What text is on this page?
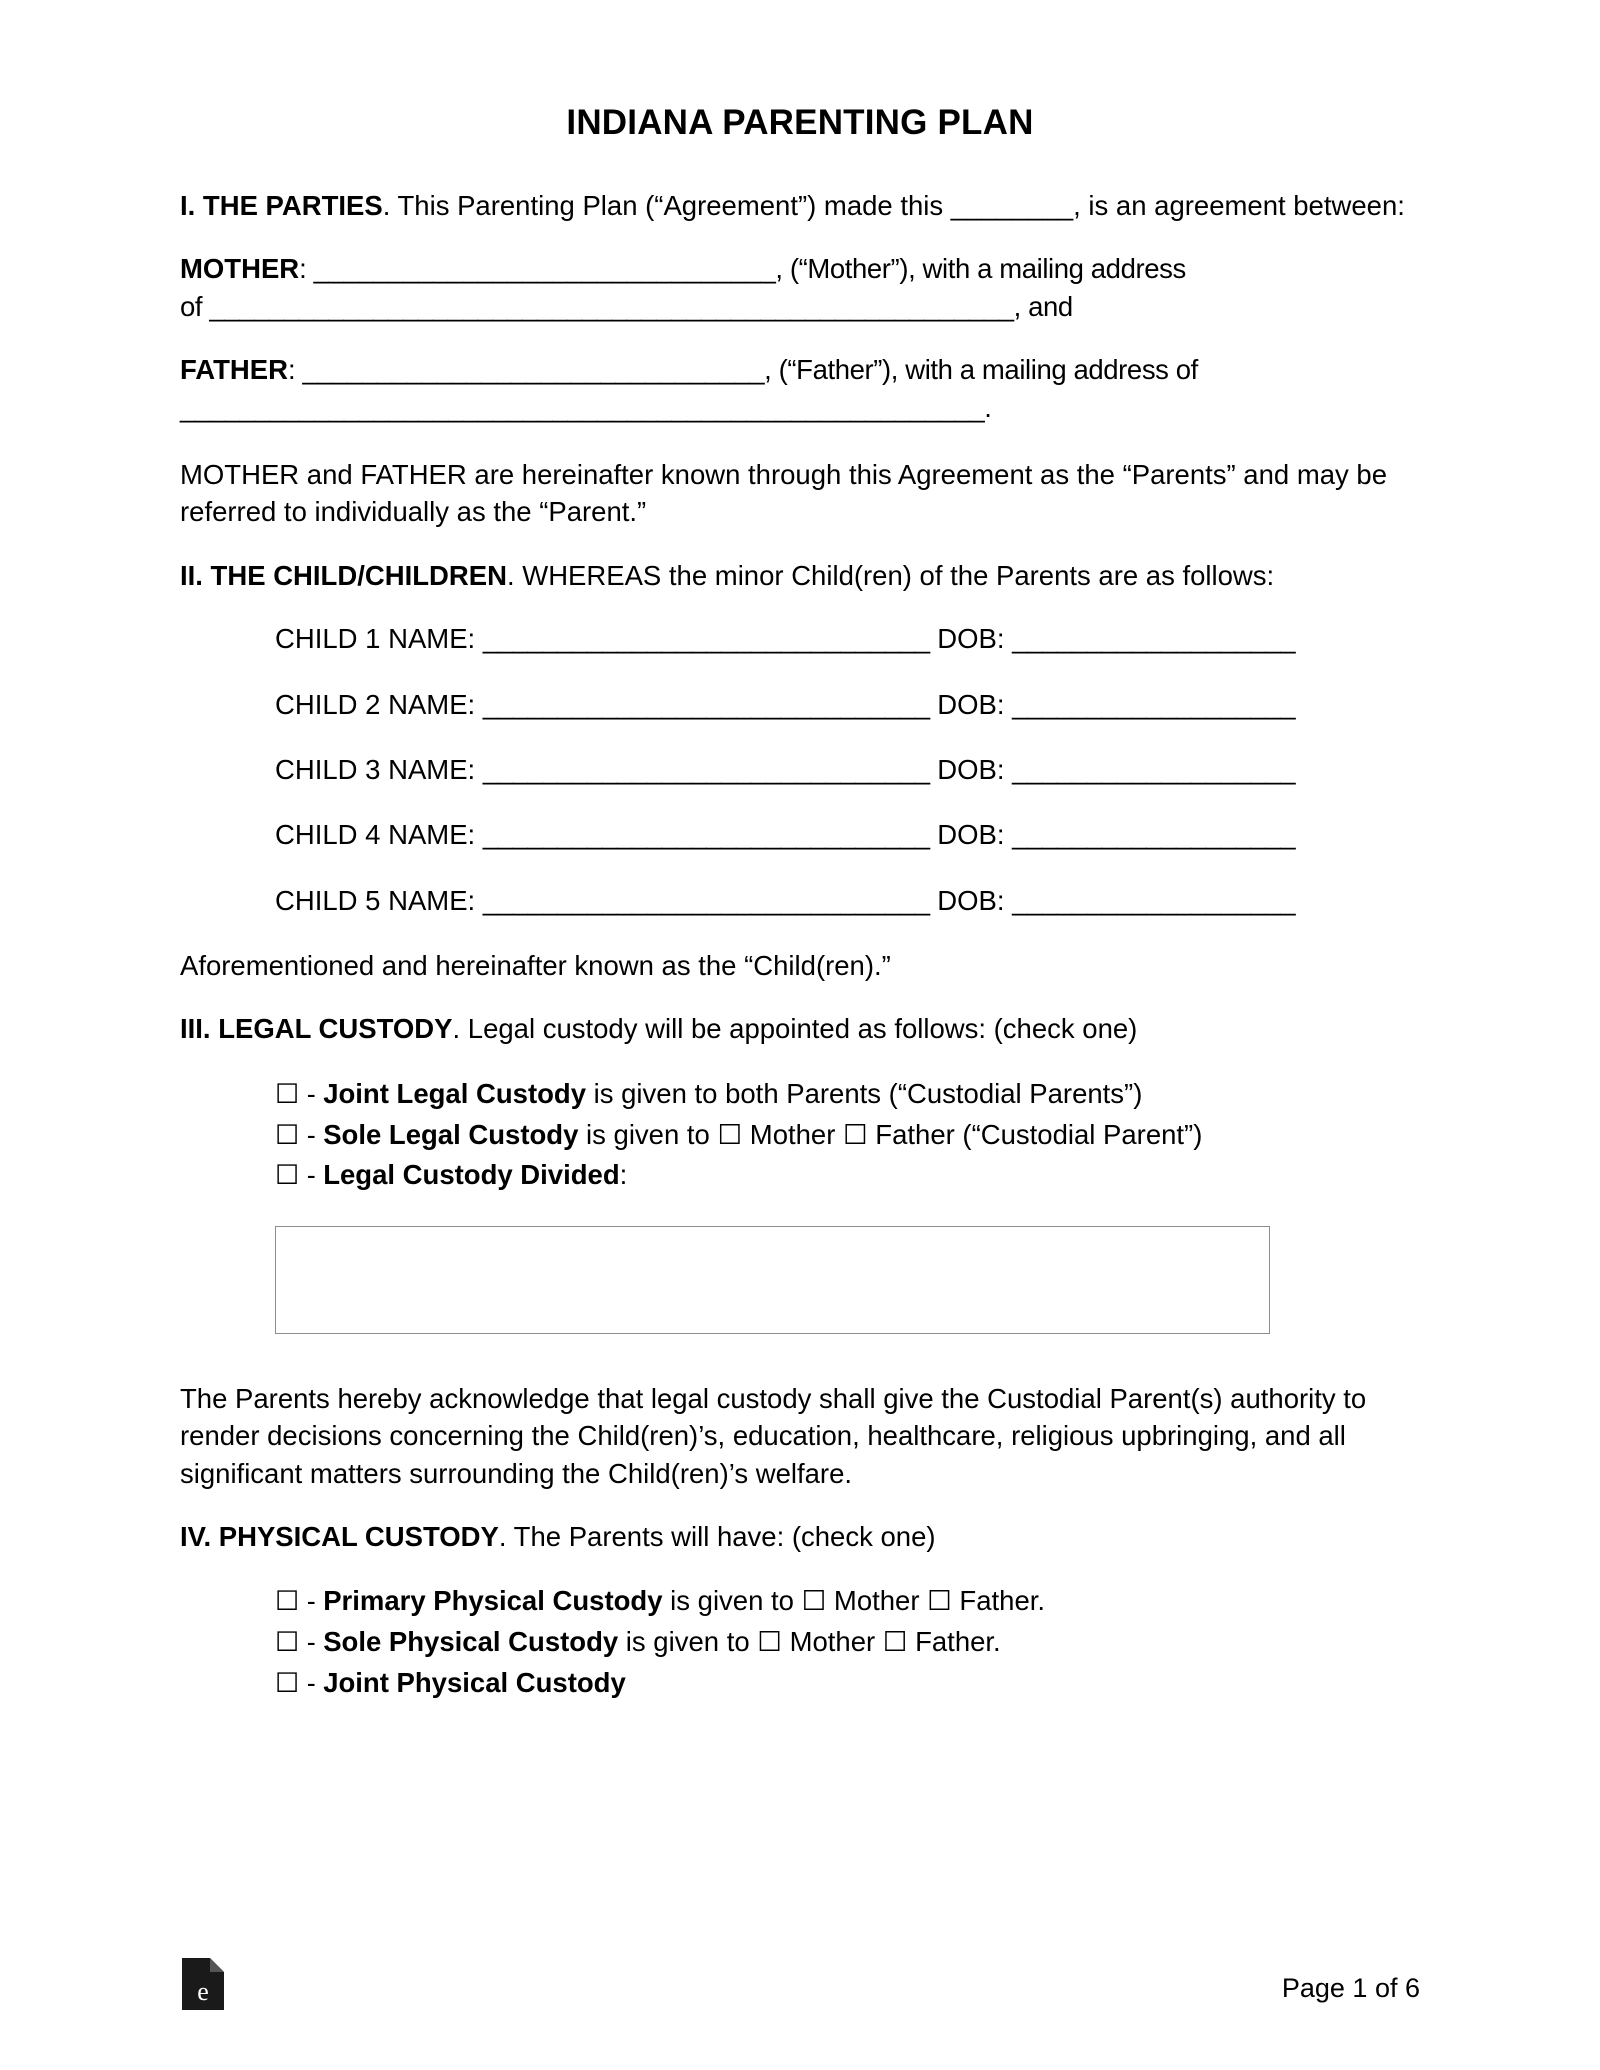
INDIANA PARENTING PLAN

I. THE PARTIES. This Parenting Plan (“Agreement”) made this ________, is an agreement between:

MOTHER: _______________________________, (“Mother”), with a mailing address
of ______________________________________________________, and

FATHER: _______________________________, (“Father”), with a mailing address of
______________________________________________________.

MOTHER and FATHER are hereinafter known through this Agreement as the “Parents” and may be referred to individually as the “Parent.”

II. THE CHILD/CHILDREN. WHEREAS the minor Child(ren) of the Parents are as follows:

CHILD 1 NAME: ______________________________ DOB: ___________________
CHILD 2 NAME: ______________________________ DOB: ___________________
CHILD 3 NAME: ______________________________ DOB: ___________________
CHILD 4 NAME: ______________________________ DOB: ___________________
CHILD 5 NAME: ______________________________ DOB: ___________________

Aforementioned and hereinafter known as the “Child(ren).”

III. LEGAL CUSTODY. Legal custody will be appointed as follows: (check one)

☐ - Joint Legal Custody is given to both Parents (“Custodial Parents”)

☐ - Sole Legal Custody is given to ☐ Mother ☐ Father (“Custodial Parent”)

☐ - Legal Custody Divided:

The Parents hereby acknowledge that legal custody shall give the Custodial Parent(s) authority to render decisions concerning the Child(ren)’s, education, healthcare, religious upbringing, and all significant matters surrounding the Child(ren)’s welfare.

IV. PHYSICAL CUSTODY. The Parents will have: (check one)

☐ - Primary Physical Custody is given to ☐ Mother ☐ Father.

☐ - Sole Physical Custody is given to ☐ Mother ☐ Father.

☐ - Joint Physical Custody

e	Page 1 of 6
